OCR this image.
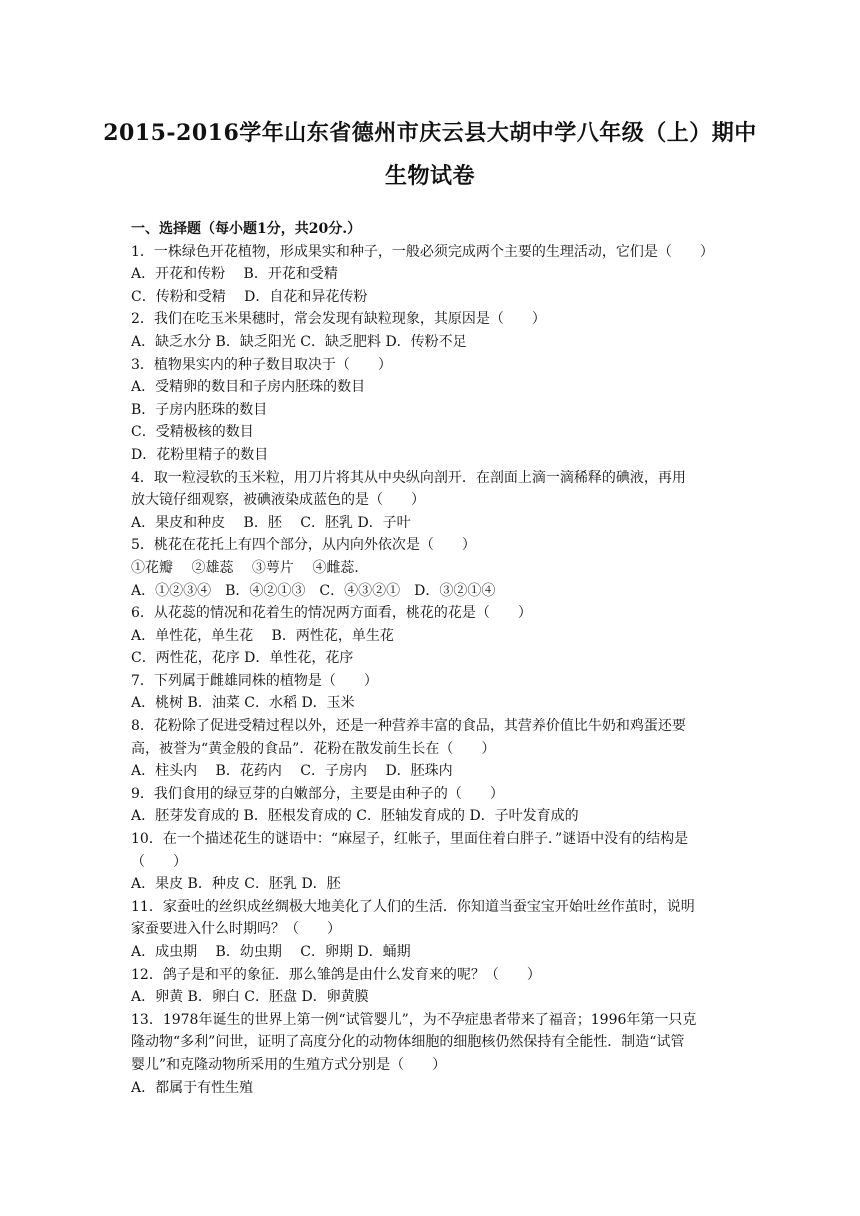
2015-2016学年山东省德州市庆云县大胡中学八年级（上）期中
生物试卷
一、选择题（每小题1分，共20分.）
1．一株绿色开花植物，形成果实和种子，一般必须完成两个主要的生理活动，它们是（　　）
A．开花和传粉　 B．开花和受精
C．传粉和受精　 D．自花和异花传粉
2．我们在吃玉米果穗时，常会发现有缺粒现象，其原因是（　　）
A．缺乏水分 B．缺乏阳光 C．缺乏肥料 D．传粉不足
3．植物果实内的种子数目取决于（　　）
A．受精卵的数目和子房内胚珠的数目
B．子房内胚珠的数目
C．受精极核的数目
D．花粉里精子的数目
4．取一粒浸软的玉米粒，用刀片将其从中央纵向剖开．在剖面上滴一滴稀释的碘液，再用
放大镜仔细观察，被碘液染成蓝色的是（　　）
A．果皮和种皮　 B．胚　 C．胚乳 D．子叶
5．桃花在花托上有四个部分，从内向外依次是（　　）
①花瓣　 ②雄蕊　 ③萼片　 ④雌蕊．
A．①②③④　B．④②①③　C．④③②①　D．③②①④
6．从花蕊的情况和花着生的情况两方面看，桃花的花是（　　）
A．单性花，单生花　 B．两性花，单生花
C．两性花，花序 D．单性花，花序
7．下列属于雌雄同株的植物是（　　）
A．桃树 B．油菜 C．水稻 D．玉米
8．花粉除了促进受精过程以外，还是一种营养丰富的食品，其营养价值比牛奶和鸡蛋还要
高，被誉为“黄金般的食品”．花粉在散发前生长在（　　）
A．柱头内　 B．花药内　 C．子房内　 D．胚珠内
9．我们食用的绿豆芽的白嫩部分，主要是由种子的（　　）
A．胚芽发育成的 B．胚根发育成的 C．胚轴发育成的 D．子叶发育成的
10．在一个描述花生的谜语中：“麻屋子，红帐子，里面住着白胖子．”谜语中没有的结构是
（　　）
A．果皮 B．种皮 C．胚乳 D．胚
11．家蚕吐的丝织成丝绸极大地美化了人们的生活．你知道当蚕宝宝开始吐丝作茧时，说明
家蚕要进入什么时期吗？（　　）
A．成虫期　 B．幼虫期　 C．卵期 D．蛹期
12．鸽子是和平的象征．那么雏鸽是由什么发育来的呢？（　　）
A．卵黄 B．卵白 C．胚盘 D．卵黄膜
13．1978年诞生的世界上第一例“试管婴儿”，为不孕症患者带来了福音；1996年第一只克
隆动物“多利”问世，证明了高度分化的动物体细胞的细胞核仍然保持有全能性．制造“试管
婴儿”和克隆动物所采用的生殖方式分别是（　　）
A．都属于有性生殖
